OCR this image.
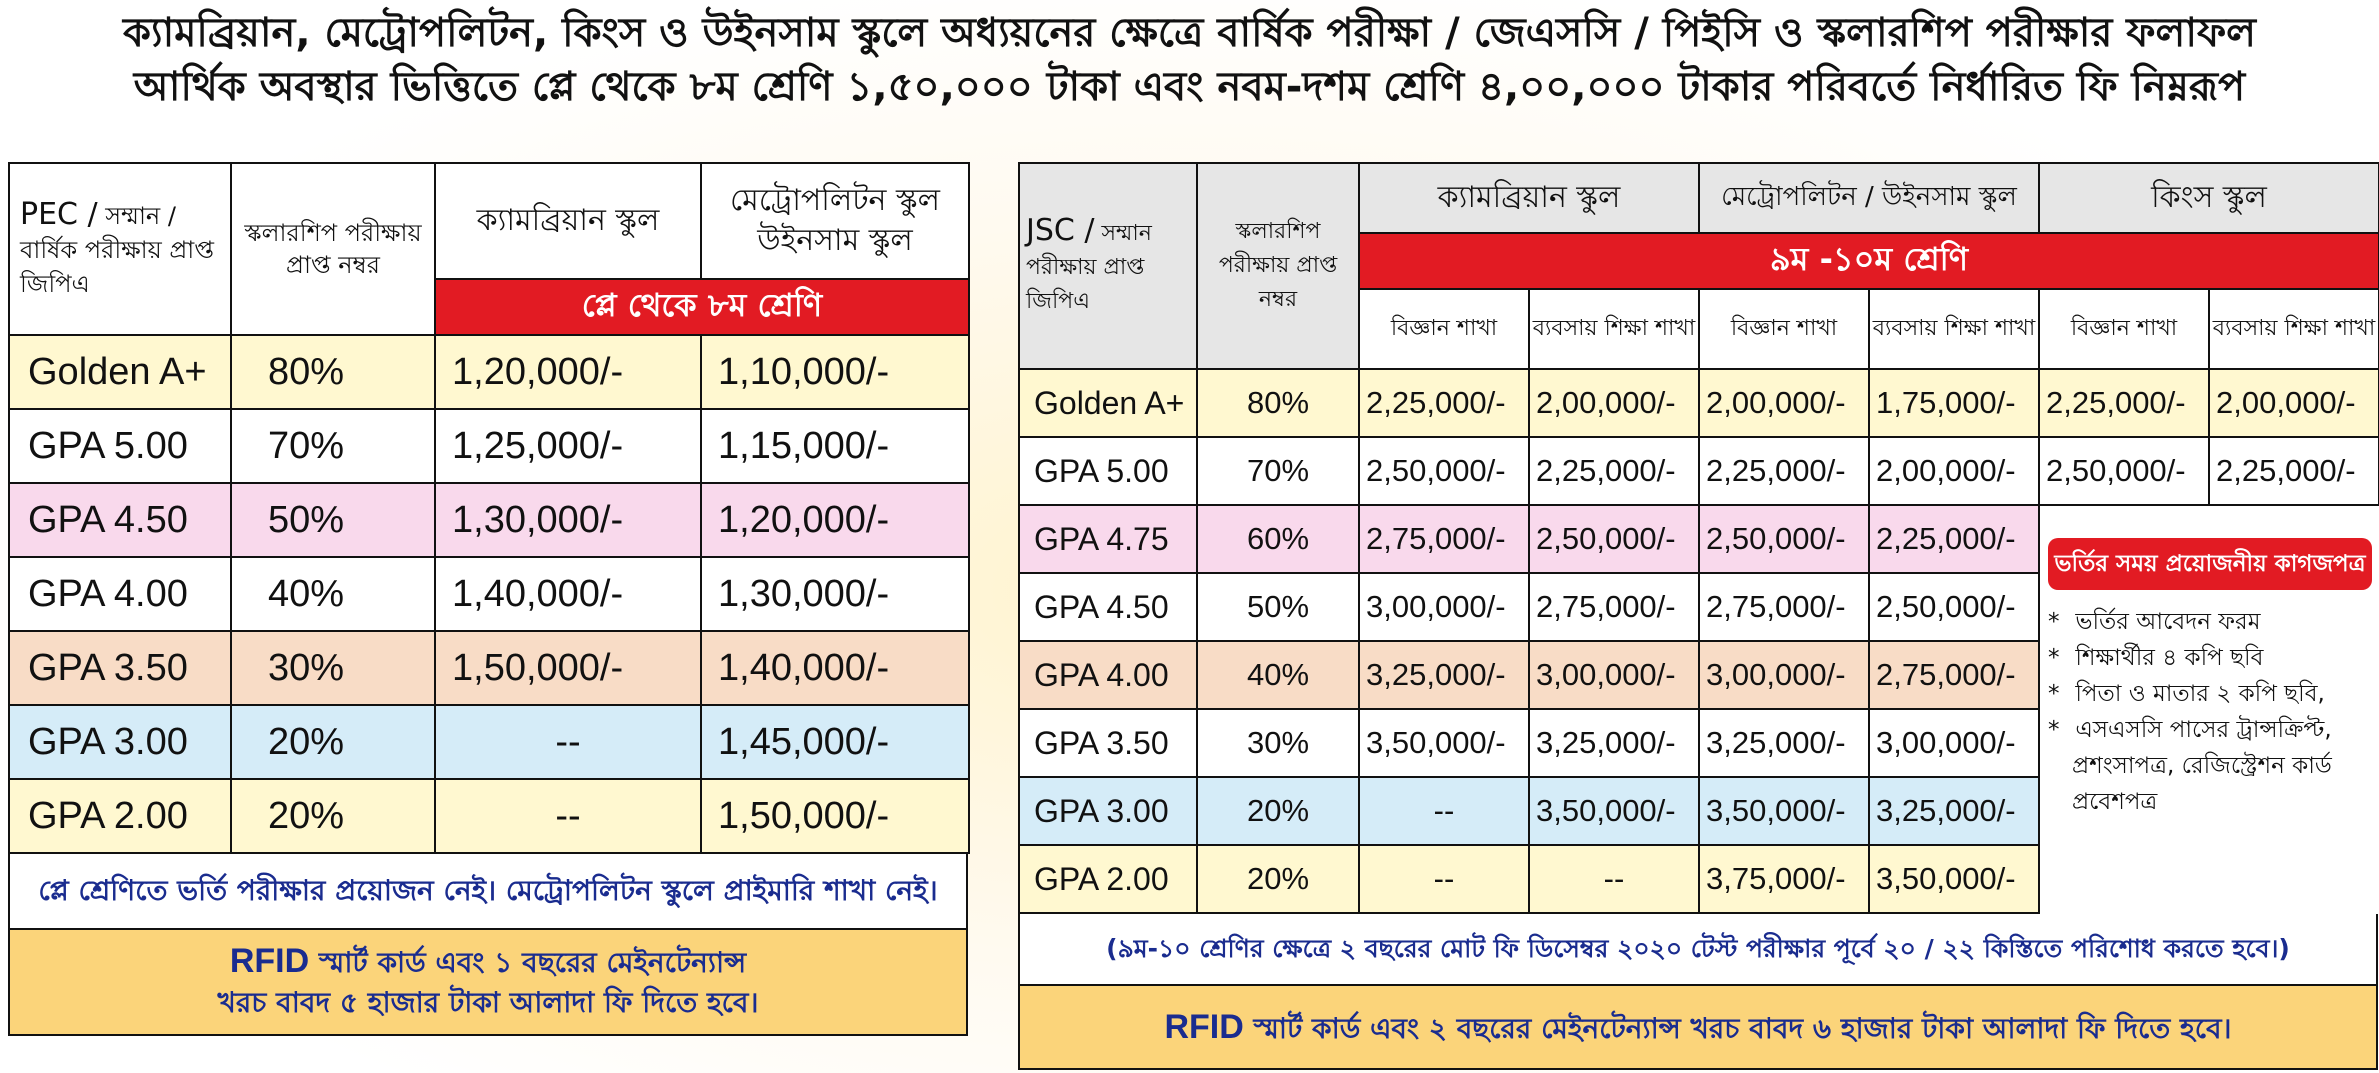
ক্যামব্রিয়ান, মেট্রোপলিটন, কিংস ও উইনসাম স্কুলে অধ্যয়নের ক্ষেত্রে বার্ষিক পরীক্ষা / জেএসসি / পিইসি ও স্কলারশিপ পরীক্ষার ফলাফল
আর্থিক অবস্থার ভিত্তিতে প্লে থেকে ৮ম শ্রেণি ১,৫০,০০০ টাকা এবং নবম-দশম শ্রেণি ৪,০০,০০০ টাকার পরিবর্তে নির্ধারিত ফি নিম্নরূপ
PEC / সম্মান / বার্ষিক পরীক্ষায় প্রাপ্ত জিপিএ	স্কলারশিপ পরীক্ষায় প্রাপ্ত নম্বর	ক্যামব্রিয়ান স্কুল	মেট্রোপলিটন স্কুল
উইনসাম স্কুল

		প্লে থেকে ৮ম শ্রেণি	
Golden A+	80%	1,20,000/-	1,10,000/-
GPA 5.00	70%	1,25,000/-	1,15,000/-
GPA 4.50	50%	1,30,000/-	1,20,000/-
GPA 4.00	40%	1,40,000/-	1,30,000/-
GPA 3.50	30%	1,50,000/-	1,40,000/-
GPA 3.00	20%	--	1,45,000/-
GPA 2.00	20%	--	1,50,000/-
প্লে শ্রেণিতে ভর্তি পরীক্ষার প্রয়োজন নেই। মেট্রোপলিটন স্কুলে প্রাইমারি শাখা নেই।
RFID স্মার্ট কার্ড এবং ১ বছরের মেইনটেন্যান্স
খরচ বাবদ ৫ হাজার টাকা আলাদা ফি দিতে হবে।
JSC / সম্মান পরীক্ষায় প্রাপ্ত জিপিএ	স্কলারশিপ পরীক্ষায় প্রাপ্ত নম্বর	ক্যামব্রিয়ান স্কুল		মেট্রোপলিটন / উইনসাম স্কুল		কিংস স্কুল	
		৯ম -১০ম শ্রেণি					
		বিজ্ঞান শাখা	ব্যবসায় শিক্ষা শাখা	বিজ্ঞান শাখা	ব্যবসায় শিক্ষা শাখা	বিজ্ঞান শাখা	ব্যবসায় শিক্ষা শাখা
Golden A+	80%	2,25,000/-	2,00,000/-	2,00,000/-	1,75,000/-	2,25,000/-	2,00,000/-
GPA 5.00	70%	2,50,000/-	2,25,000/-	2,25,000/-	2,00,000/-	2,50,000/-	2,25,000/-
GPA 4.75	60%	2,75,000/-	2,50,000/-	2,50,000/-	2,25,000/-		
GPA 4.50	50%	3,00,000/-	2,75,000/-	2,75,000/-	2,50,000/-		
GPA 4.00	40%	3,25,000/-	3,00,000/-	3,00,000/-	2,75,000/-		
GPA 3.50	30%	3,50,000/-	3,25,000/-	3,25,000/-	3,00,000/-		
GPA 3.00	20%	--	3,50,000/-	3,50,000/-	3,25,000/-		
GPA 2.00	20%	--	--	3,75,000/-	3,50,000/-		
(৯ম-১০ শ্রেণির ক্ষেত্রে ২ বছরের মোট ফি ডিসেম্বর ২০২০ টেস্ট পরীক্ষার পূর্বে ২০ / ২২ কিস্তিতে পরিশোধ করতে হবে।)
RFID স্মার্ট কার্ড এবং ২ বছরের মেইনটেন্যান্স খরচ বাবদ ৬ হাজার টাকা আলাদা ফি দিতে হবে।
ভর্তির সময় প্রয়োজনীয় কাগজপত্র
* ভর্তির আবেদন ফরম
* শিক্ষার্থীর ৪ কপি ছবি
* পিতা ও মাতার ২ কপি ছবি,
* এসএসসি পাসের ট্রান্সক্রিপ্ট,
প্রশংসাপত্র, রেজিস্ট্রেশন কার্ড
প্রবেশপত্র
